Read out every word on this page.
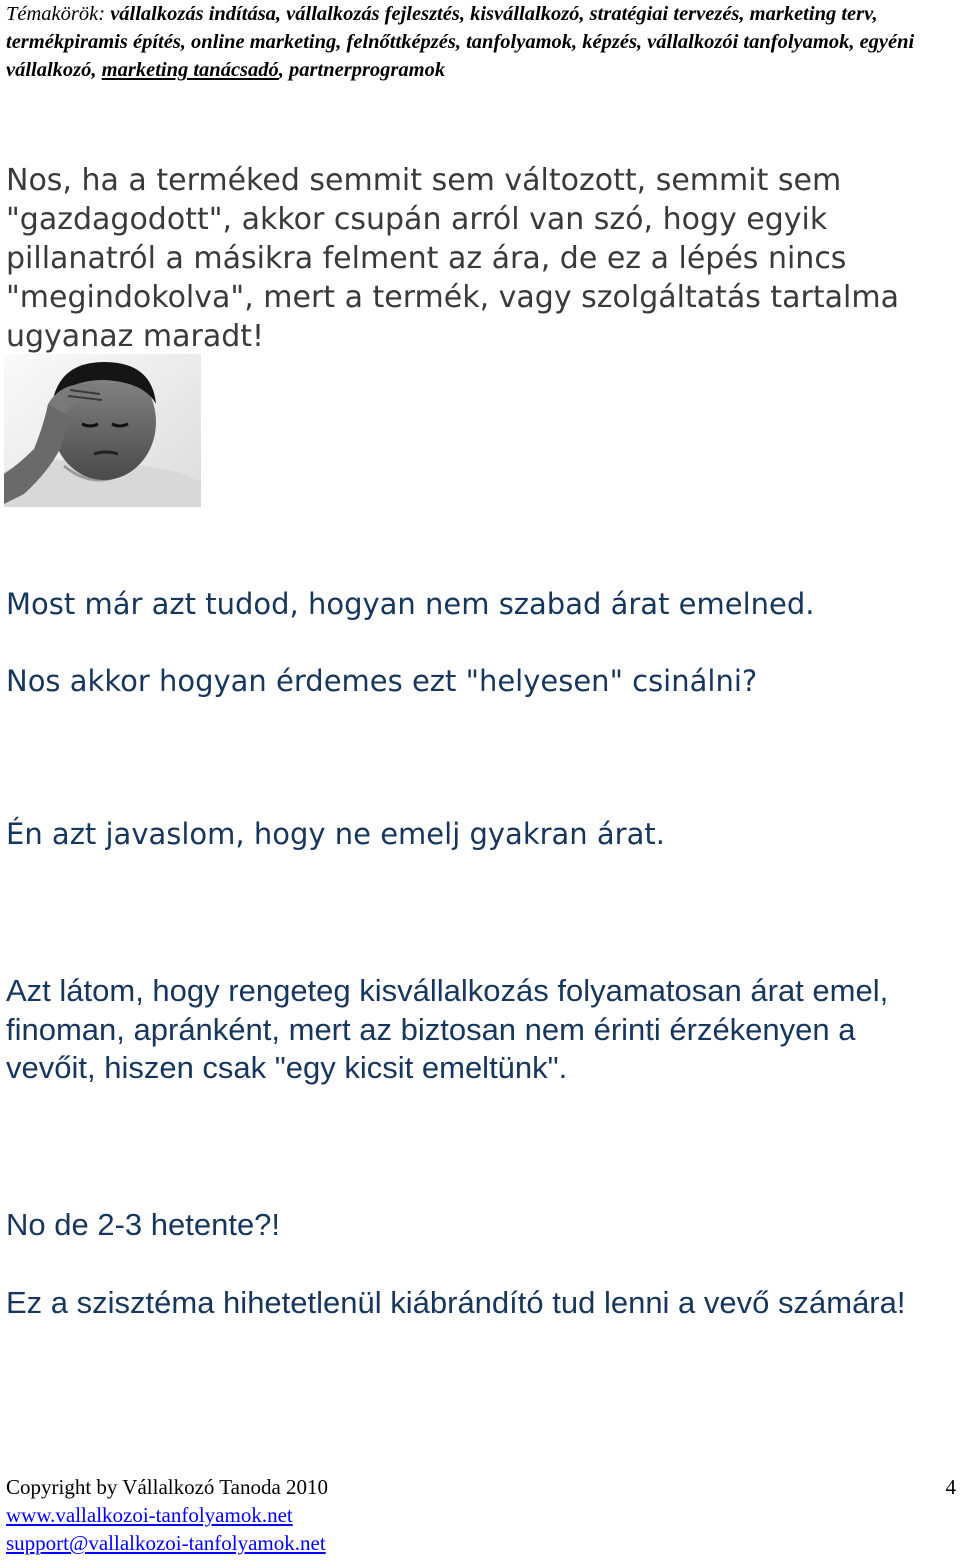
Témakörök: vállalkozás indítása, vállalkozás fejlesztés, kisvállalkozó, stratégiai tervezés, marketing terv, termékpiramis építés, online marketing, felnőttképzés, tanfolyamok, képzés, vállalkozói tanfolyamok, egyéni vállalkozó, marketing tanácsadó, partnerprogramok

Nos, ha a terméked semmit sem változott, semmit sem "gazdagodott", akkor csupán arról van szó, hogy egyik pillanatról a másikra felment az ára, de ez a lépés nincs "megindokolva", mert a termék, vagy szolgáltatás tartalma ugyanaz maradt!

Most már azt tudod, hogyan nem szabad árat emelned.

Nos akkor hogyan érdemes ezt "helyesen" csinálni?

Én azt javaslom, hogy ne emelj gyakran árat.

Azt látom, hogy rengeteg kisvállalkozás folyamatosan árat emel, finoman, apránként, mert az biztosan nem érinti érzékenyen a vevőit, hiszen csak "egy kicsit emeltünk".

No de 2-3 hetente?!

Ez a szisztéma hihetetlenül kiábrándító tud lenni a vevő számára!

Copyright by Vállalkozó Tanoda 2010	4
www.vallalkozoi-tanfolyamok.net
support@vallalkozoi-tanfolyamok.net
